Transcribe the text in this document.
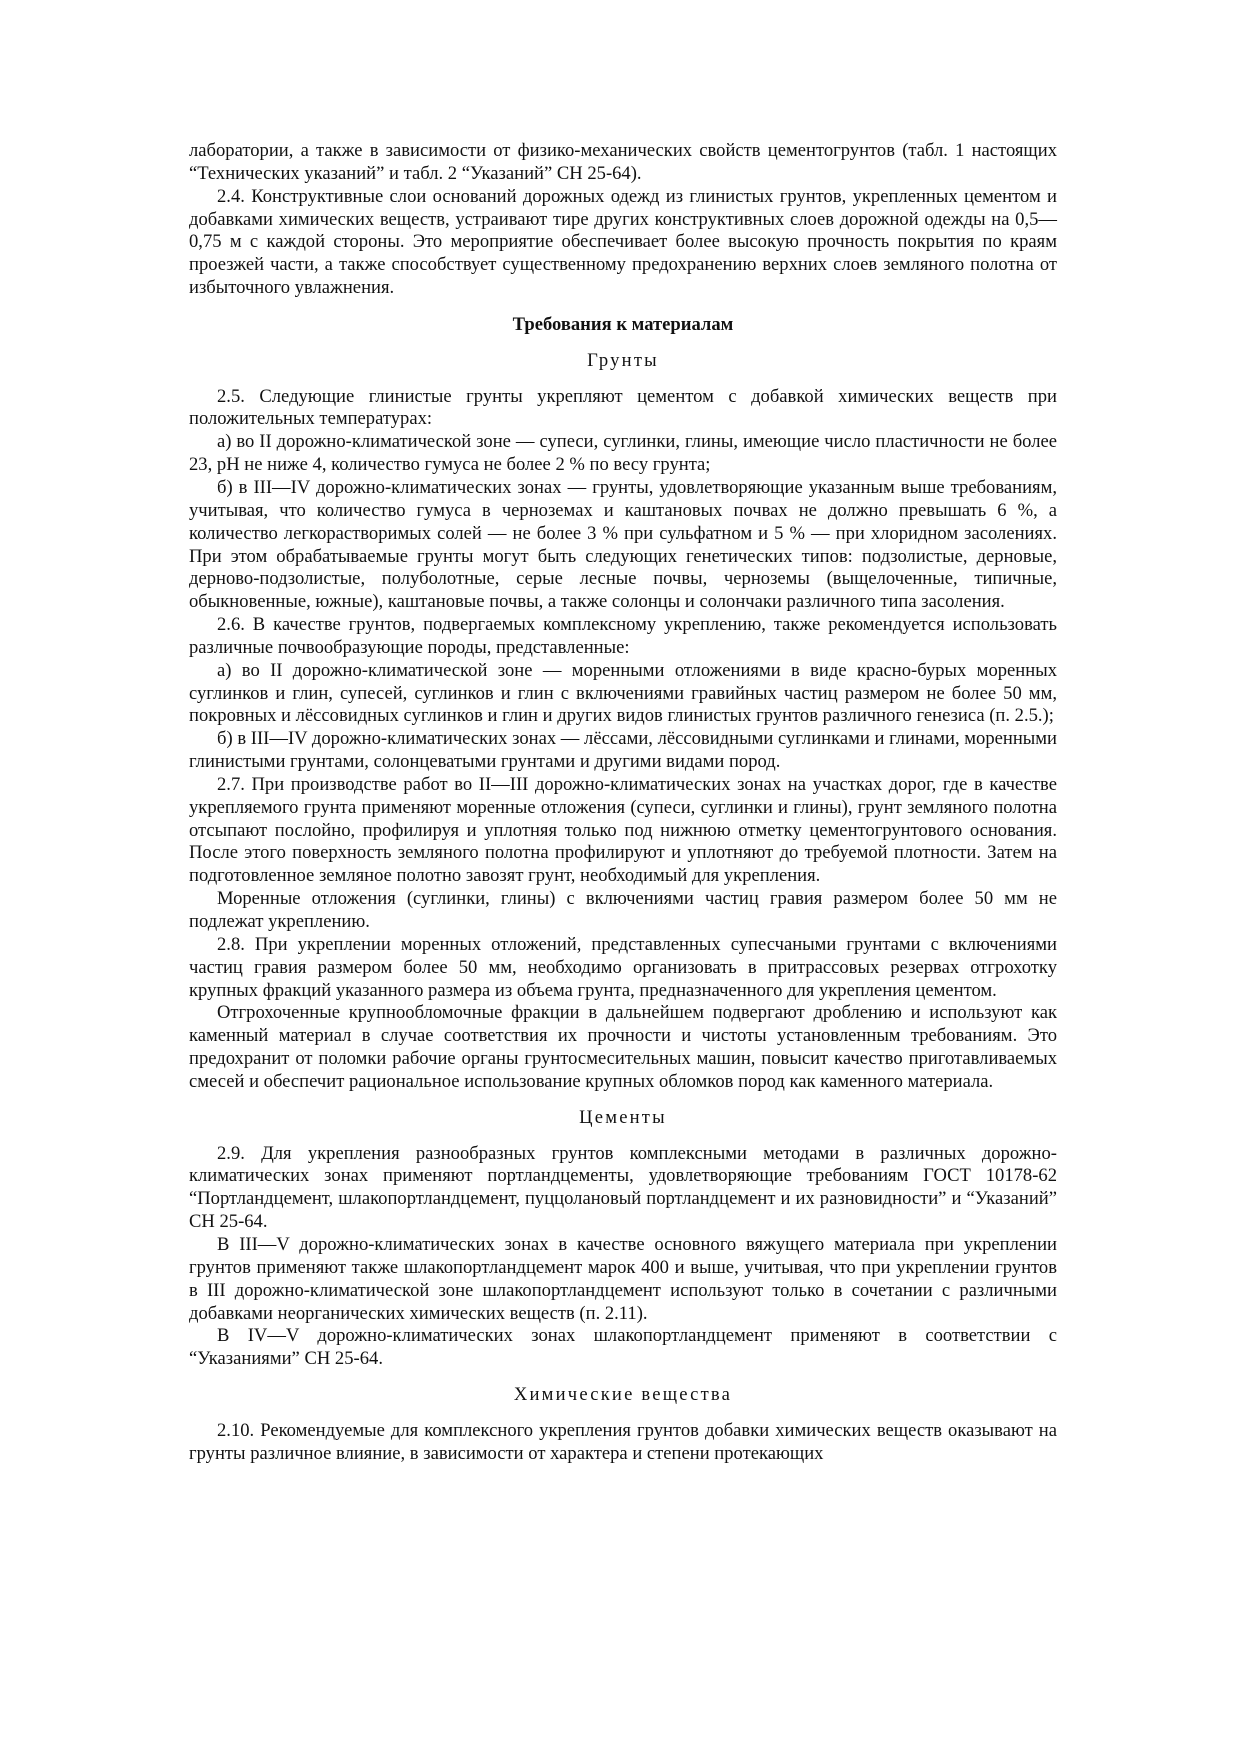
лаборатории, а также в зависимости от физико-механических свойств цементогрунтов (табл. 1 настоящих “Технических указаний” и табл. 2 “Указаний” СН 25-64).

2.4. Конструктивные слои оснований дорожных одежд из глинистых грунтов, укрепленных цементом и добавками химических веществ, устраивают тире других конструктивных слоев дорожной одежды на 0,5—0,75 м с каждой стороны. Это мероприятие обеспечивает более высокую прочность покрытия по краям проезжей части, а также способствует существенному предохранению верхних слоев земляного полотна от избыточного увлажнения.

Требования к материалам
Грунты

2.5. Следующие глинистые грунты укрепляют цементом с добавкой химических веществ при положительных температурах:

а) во II дорожно-климатической зоне — супеси, суглинки, глины, имеющие число пластичности не более 23, pH не ниже 4, количество гумуса не более 2 % по весу грунта;

б) в III—IV дорожно-климатических зонах — грунты, удовлетворяющие указанным выше требованиям, учитывая, что количество гумуса в черноземах и каштановых почвах не должно превышать 6 %, а количество легкорастворимых солей — не более 3 % при сульфатном и 5 % — при хлоридном засолениях. При этом обрабатываемые грунты могут быть следующих генетических типов: подзолистые, дерновые, дерново-подзолистые, полуболотные, серые лесные почвы, черноземы (выщелоченные, типичные, обыкновенные, южные), каштановые почвы, а также солонцы и солончаки различного типа засоления.

2.6. В качестве грунтов, подвергаемых комплексному укреплению, также рекомендуется использовать различные почвообразующие породы, представленные:

а) во II дорожно-климатической зоне — моренными отложениями в виде красно-бурых моренных суглинков и глин, супесей, суглинков и глин с включениями гравийных частиц размером не более 50 мм, покровных и лёссовидных суглинков и глин и других видов глинистых грунтов различного генезиса (п. 2.5.);

б) в III—IV дорожно-климатических зонах — лёссами, лёссовидными суглинками и глинами, моренными глинистыми грунтами, солонцеватыми грунтами и другими видами пород.

2.7. При производстве работ во II—III дорожно-климатических зонах на участках дорог, где в качестве укрепляемого грунта применяют моренные отложения (супеси, суглинки и глины), грунт земляного полотна отсыпают послойно, профилируя и уплотняя только под нижнюю отметку цементогрунтового основания. После этого поверхность земляного полотна профилируют и уплотняют до требуемой плотности. Затем на подготовленное земляное полотно завозят грунт, необходимый для укрепления.

Моренные отложения (суглинки, глины) с включениями частиц гравия размером более 50 мм не подлежат укреплению.

2.8. При укреплении моренных отложений, представленных супесчаными грунтами с включениями частиц гравия размером более 50 мм, необходимо организовать в притрассовых резервах отгрохотку крупных фракций указанного размера из объема грунта, предназначенного для укрепления цементом.

Отгрохоченные крупнообломочные фракции в дальнейшем подвергают дроблению и используют как каменный материал в случае соответствия их прочности и чистоты установленным требованиям. Это предохранит от поломки рабочие органы грунтосмесительных машин, повысит качество приготавливаемых смесей и обеспечит рациональное использование крупных обломков пород как каменного материала.

Цементы

2.9. Для укрепления разнообразных грунтов комплексными методами в различных дорожно-климатических зонах применяют портландцементы, удовлетворяющие требованиям ГОСТ 10178-62 “Портландцемент, шлакопортландцемент, пуццолановый портландцемент и их разновидности” и “Указаний” СН 25-64.

В III—V дорожно-климатических зонах в качестве основного вяжущего материала при укреплении грунтов применяют также шлакопортландцемент марок 400 и выше, учитывая, что при укреплении грунтов в III дорожно-климатической зоне шлакопортландцемент используют только в сочетании с различными добавками неорганических химических веществ (п. 2.11).

В IV—V дорожно-климатических зонах шлакопортландцемент применяют в соответствии с “Указаниями” СН 25-64.

Химические вещества

2.10. Рекомендуемые для комплексного укрепления грунтов добавки химических веществ оказывают на грунты различное влияние, в зависимости от характера и степени протекающих
